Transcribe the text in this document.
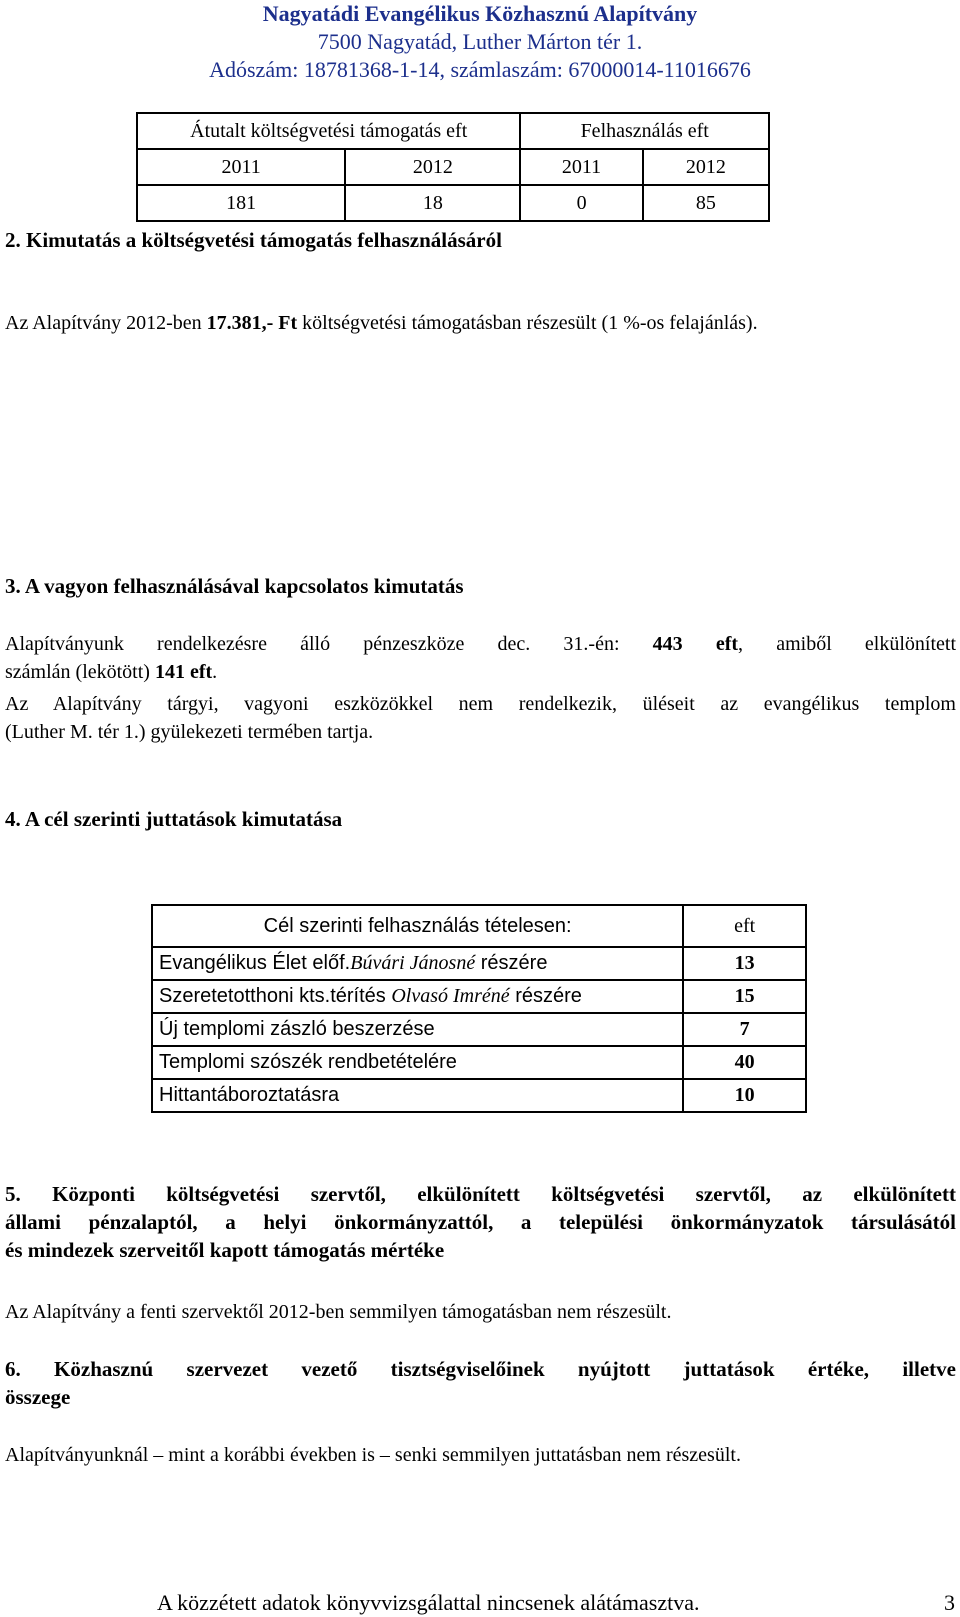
Nagyatádi Evangélikus Közhasznú Alapítvány
7500 Nagyatád, Luther Márton tér 1.
Adószám: 18781368-1-14, számlaszám: 67000014-11016676
2. Kimutatás a költségvetési támogatás felhasználásáról
Az Alapítvány 2012-ben 17.381,- Ft költségvetési támogatásban részesült (1 %-os felajánlás).
Átutalt költségvetési támogatás eft		Felhasználás eft	
2011	2012	2011	2012
181	18	0	85
3. A vagyon felhasználásával kapcsolatos kimutatás
Alapítványunk rendelkezésre álló pénzeszköze dec. 31.-én: 443 eft, amiből elkülönített
számlán (lekötött) 141 eft.
Az Alapítvány tárgyi, vagyoni eszközökkel nem rendelkezik, üléseit az evangélikus templom
(Luther M. tér 1.) gyülekezeti termében tartja.
4. A cél szerinti juttatások kimutatása
Cél szerinti felhasználás tételesen:	eft
Evangélikus Élet előf.Búvári Jánosné részére	13
Szeretetotthoni kts.térítés Olvasó Imréné részére	15
Új templomi zászló beszerzése	7
Templomi szószék rendbetételére	40
Hittantáboroztatásra	10
5. Központi költségvetési szervtől, elkülönített költségvetési szervtől, az elkülönített
állami pénzalaptól, a helyi önkormányzattól, a települési önkormányzatok társulásától
és mindezek szerveitől kapott támogatás mértéke
Az Alapítvány a fenti szervektől 2012-ben semmilyen támogatásban nem részesült.
6. Közhasznú szervezet vezető tisztségviselőinek nyújtott juttatások értéke, illetve
összege
Alapítványunknál – mint a korábbi években is – senki semmilyen juttatásban nem részesült.
A közzétett adatok könyvvizsgálattal nincsenek alátámasztva.	3
